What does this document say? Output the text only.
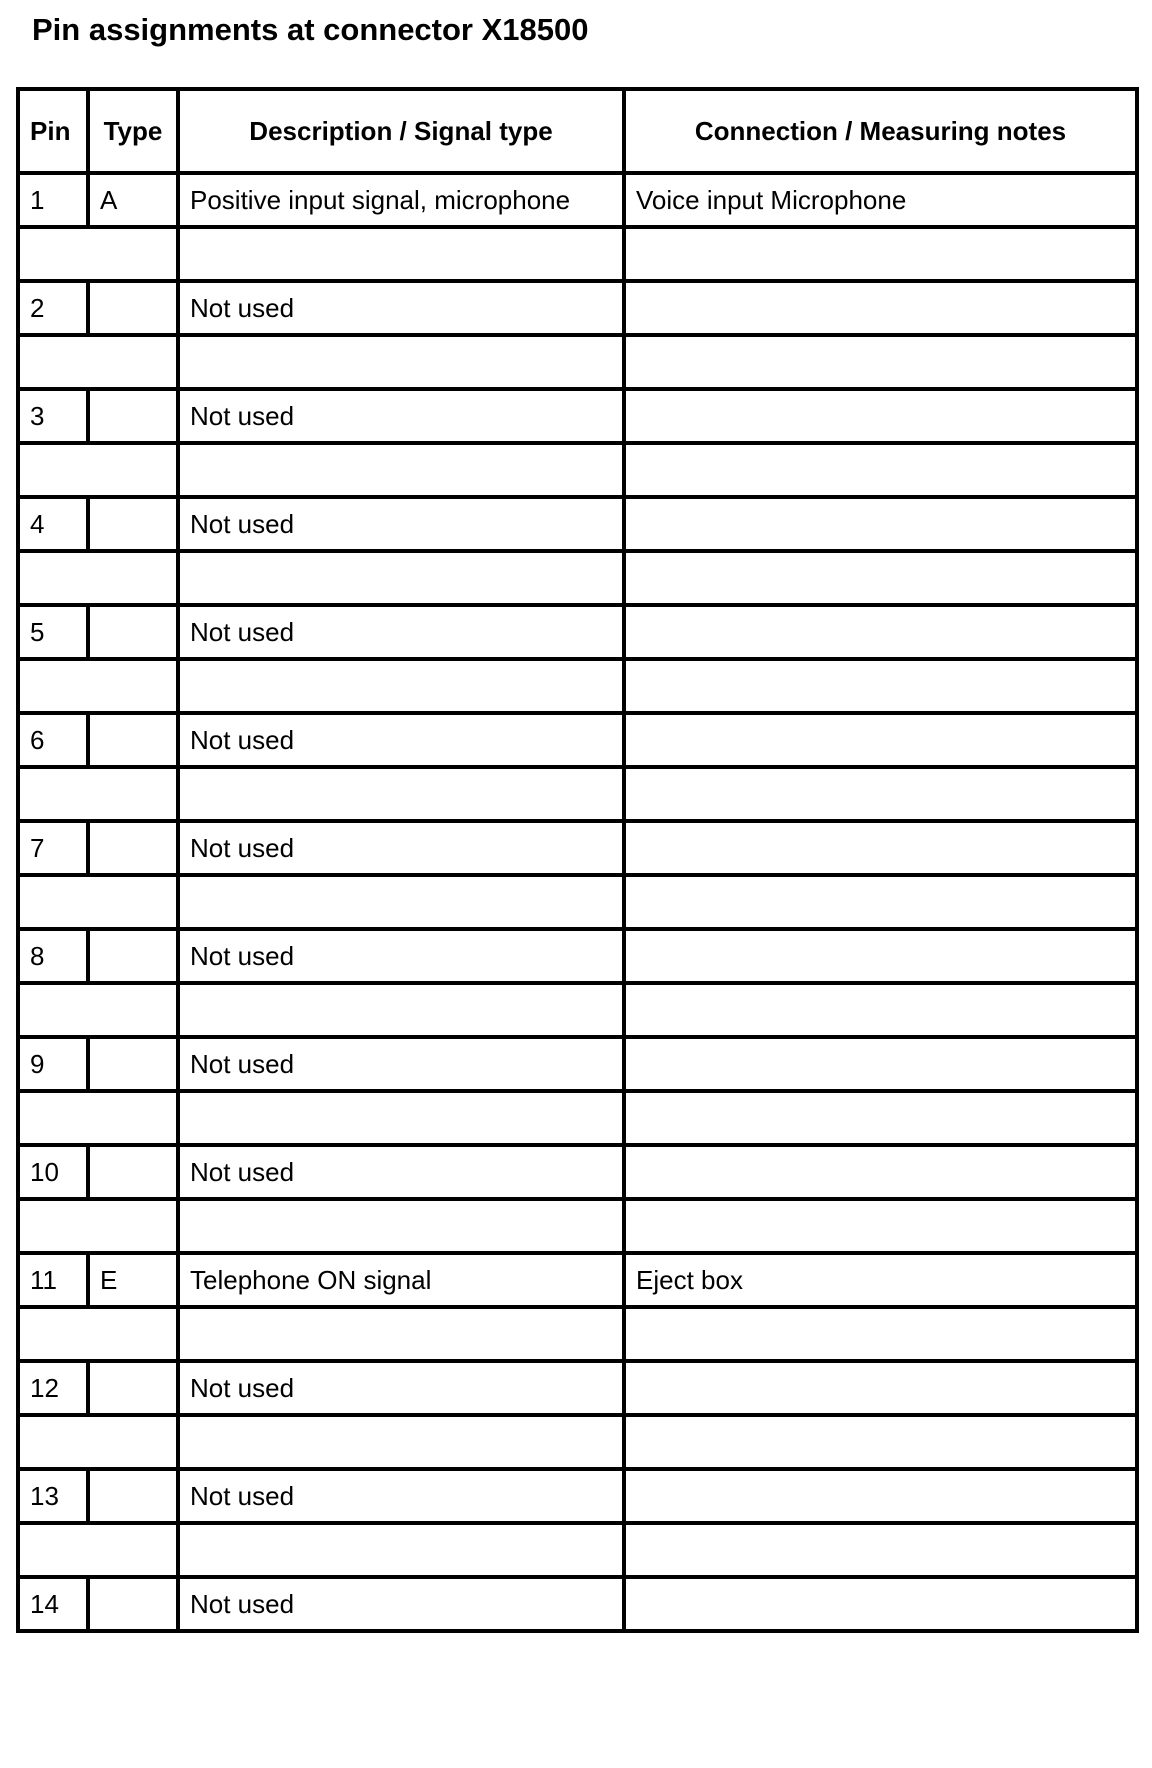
Pin assignments at connector X18500
Pin	Type	Description / Signal type	Connection / Measuring notes
1	A	Positive input signal, microphone	Voice input Microphone

2		Not used	

3		Not used	

4		Not used	

5		Not used	

6		Not used	

7		Not used	

8		Not used	

9		Not used	

10		Not used	

11	E	Telephone ON signal	Eject box

12		Not used	

13		Not used	

14		Not used	
